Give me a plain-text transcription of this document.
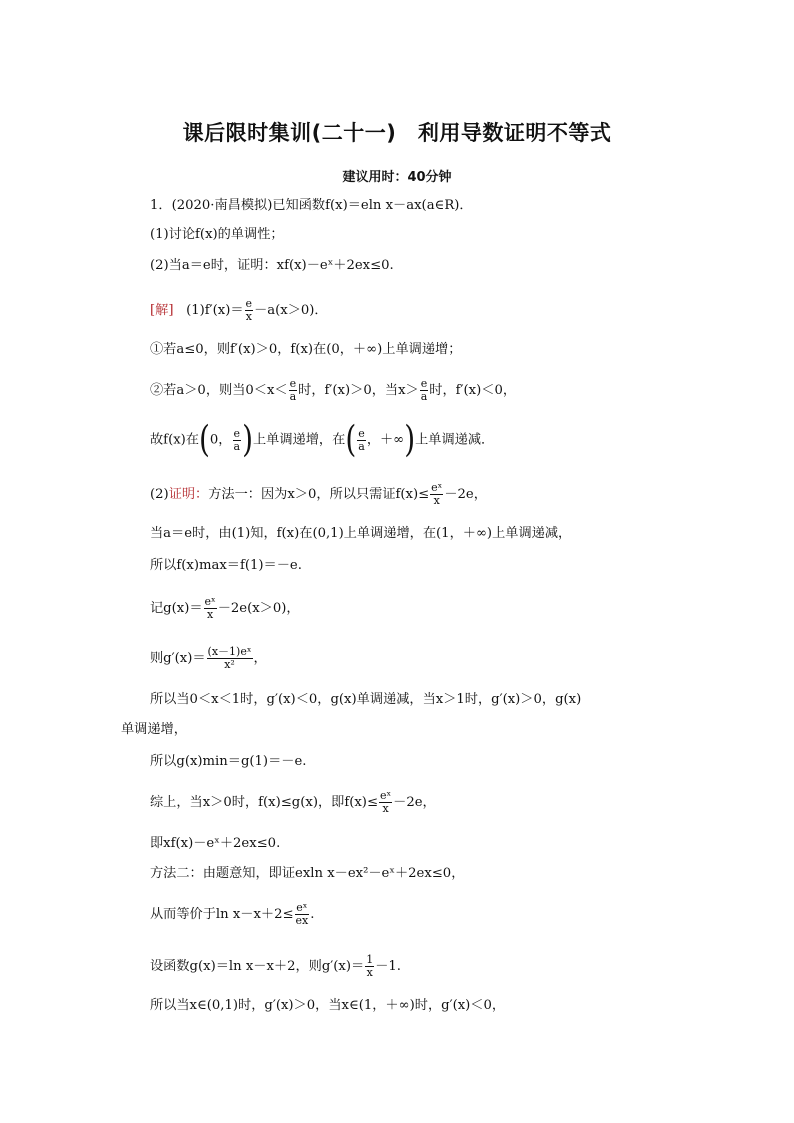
课后限时集训(二十一)　利用导数证明不等式
建议用时：40分钟
1．(2020·南昌模拟)已知函数f(x)＝eln x－ax(a∈R)．
(1)讨论f(x)的单调性；
(2)当a＝e时，证明：xf(x)－eˣ＋2ex≤0.
[解] $(1)f'(x)= \frac{e}{x} -a(x>0)$．
①若a≤0，则f′(x)＞0，f(x)在(0，＋∞)上单调递增；
②若a＞0，则当$0<x< \frac{e}{a}$ 时，f′(x)＞0，当$x> \frac{e}{a}$ 时，f′(x)＜0，
故f(x)在(0， $\frac{e}{a}$ )上单调递增，在( $\frac{e}{a}$ ，＋∞)上单调递减．
(2)证明：方法一：因为x＞0，所以只需证$f(x)\le \frac{\text{eˣ}}{x} -2e$，
当a＝e时，由(1)知，f(x)在(0,1)上单调递增，在(1，＋∞)上单调递减，
所以f(x)max＝f(1)＝－e.
记$g(x)= \frac{\text{eˣ}}{x} -2e(x>0)$，
则$g'(x)= \frac{\text{(x－1)eˣ}}{\text{x²}}$ ，
所以当0＜x＜1时，g′(x)＜0，g(x)单调递减，当x＞1时，g′(x)＞0，g(x)
单调递增，
所以g(x)min＝g(1)＝－e.
综上，当x＞0时，f(x)≤g(x)，即$f(x)\le \frac{\text{eˣ}}{x} -2e$，
即xf(x)－eˣ＋2ex≤0.
方法二：由题意知，即证exln x－ex²－eˣ＋2ex≤0，
从而等价于$\ln x-x+2\le \frac{\text{eˣ}}{ex}$ .
设函数g(x)＝ln x－x＋2，则$g'(x)= \frac{1}{x} -1$.
所以当x∈(0,1)时，g′(x)＞0，当x∈(1，＋∞)时，g′(x)＜0，
